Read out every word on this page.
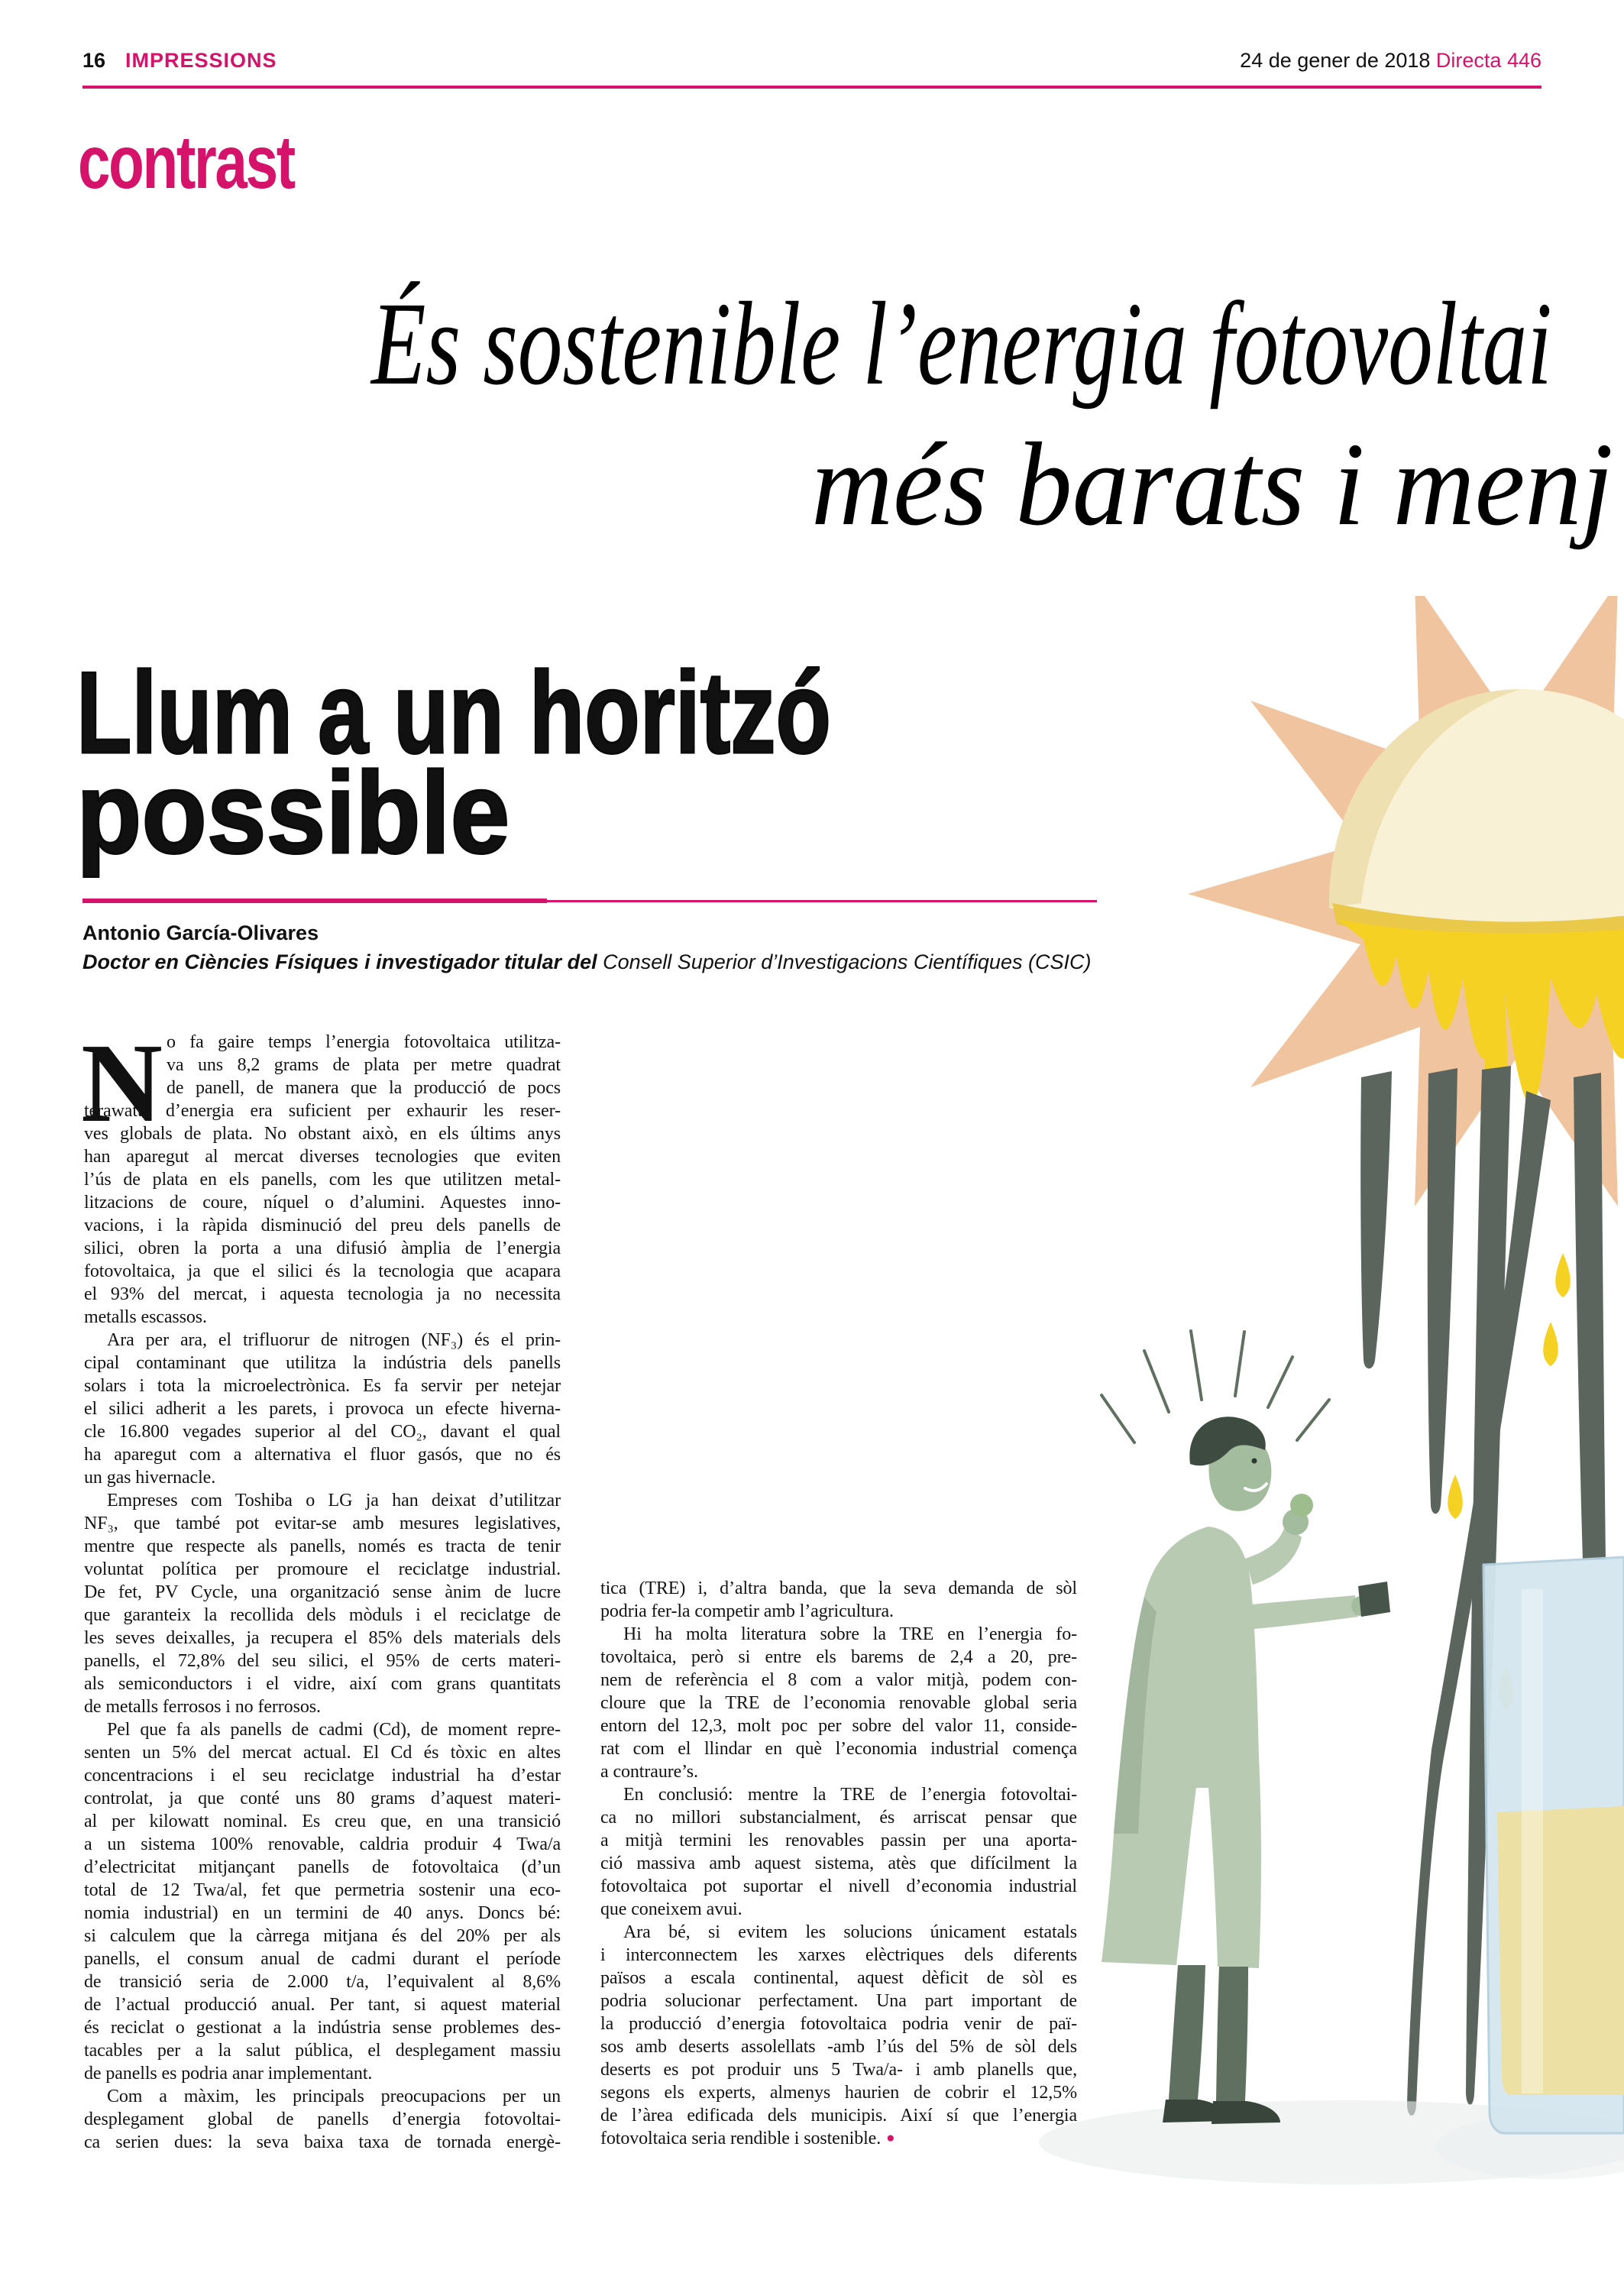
16 IMPRESSIONS	24 de gener de 2018 Directa 446
contrast
És sostenible l’energia fotovoltai
més barats i menj
Llum a un horitzó
possible
Antonio García-Olivares
Doctor en Ciències Físiques i investigador titular del Consell Superior d’Investigacions Científiques (CSIC)
N o fa gaire temps l’energia fotovoltaica utilitza-
va uns 8,2 grams de plata per metre quadrat
de panell, de manera que la producció de pocs
terawatts d’energia era suficient per exhaurir les reser-
ves globals de plata. No obstant això, en els últims anys
han aparegut al mercat diverses tecnologies que eviten
l’ús de plata en els panells, com les que utilitzen metal-
litzacions de coure, níquel o d’alumini. Aquestes inno-
vacions, i la ràpida disminució del preu dels panells de
silici, obren la porta a una difusió àmplia de l’energia
fotovoltaica, ja que el silici és la tecnologia que acapara
el 93% del mercat, i aquesta tecnologia ja no necessita
metalls escassos.
Ara per ara, el trifluorur de nitrogen (NF₃) és el prin-
cipal contaminant que utilitza la indústria dels panells
solars i tota la microelectrònica. Es fa servir per netejar
el silici adherit a les parets, i provoca un efecte hiverna-
cle 16.800 vegades superior al del CO₂, davant el qual
ha aparegut com a alternativa el fluor gasós, que no és
un gas hivernacle.
Empreses com Toshiba o LG ja han deixat d’utilitzar
NF₃, que també pot evitar-se amb mesures legislatives,
mentre que respecte als panells, només es tracta de tenir
voluntat política per promoure el reciclatge industrial.
De fet, PV Cycle, una organització sense ànim de lucre
que garanteix la recollida dels mòduls i el reciclatge de
les seves deixalles, ja recupera el 85% dels materials dels
panells, el 72,8% del seu silici, el 95% de certs materi-
als semiconductors i el vidre, així com grans quantitats
de metalls ferrosos i no ferrosos.
Pel que fa als panells de cadmi (Cd), de moment repre-
senten un 5% del mercat actual. El Cd és tòxic en altes
concentracions i el seu reciclatge industrial ha d’estar
controlat, ja que conté uns 80 grams d’aquest materi-
al per kilowatt nominal. Es creu que, en una transició
a un sistema 100% renovable, caldria produir 4 Twa/a
d’electricitat mitjançant panells de fotovoltaica (d’un
total de 12 Twa/al, fet que permetria sostenir una eco-
nomia industrial) en un termini de 40 anys. Doncs bé:
si calculem que la càrrega mitjana és del 20% per als
panells, el consum anual de cadmi durant el període
de transició seria de 2.000 t/a, l’equivalent al 8,6%
de l’actual producció anual. Per tant, si aquest material
és reciclat o gestionat a la indústria sense problemes des-
tacables per a la salut pública, el desplegament massiu
de panells es podria anar implementant.
Com a màxim, les principals preocupacions per un
desplegament global de panells d’energia fotovoltai-
ca serien dues: la seva baixa taxa de tornada energè-
tica (TRE) i, d’altra banda, que la seva demanda de sòl
podria fer-la competir amb l’agricultura.
Hi ha molta literatura sobre la TRE en l’energia fo-
tovoltaica, però si entre els barems de 2,4 a 20, pre-
nem de referència el 8 com a valor mitjà, podem con-
cloure que la TRE de l’economia renovable global seria
entorn del 12,3, molt poc per sobre del valor 11, conside-
rat com el llindar en què l’economia industrial comença
a contraure’s.
En conclusió: mentre la TRE de l’energia fotovoltai-
ca no millori substancialment, és arriscat pensar que
a mitjà termini les renovables passin per una aporta-
ció massiva amb aquest sistema, atès que difícilment la
fotovoltaica pot suportar el nivell d’economia industrial
que coneixem avui.
Ara bé, si evitem les solucions únicament estatals
i interconnectem les xarxes elèctriques dels diferents
països a escala continental, aquest dèficit de sòl es
podria solucionar perfectament. Una part important de
la producció d’energia fotovoltaica podria venir de paï-
sos amb deserts assolellats -amb l’ús del 5% de sòl dels
deserts es pot produir uns 5 Twa/a- i amb planells que,
segons els experts, almenys haurien de cobrir el 12,5%
de l’àrea edificada dels municipis. Així sí que l’energia
fotovoltaica seria rendible i sostenible. ●
